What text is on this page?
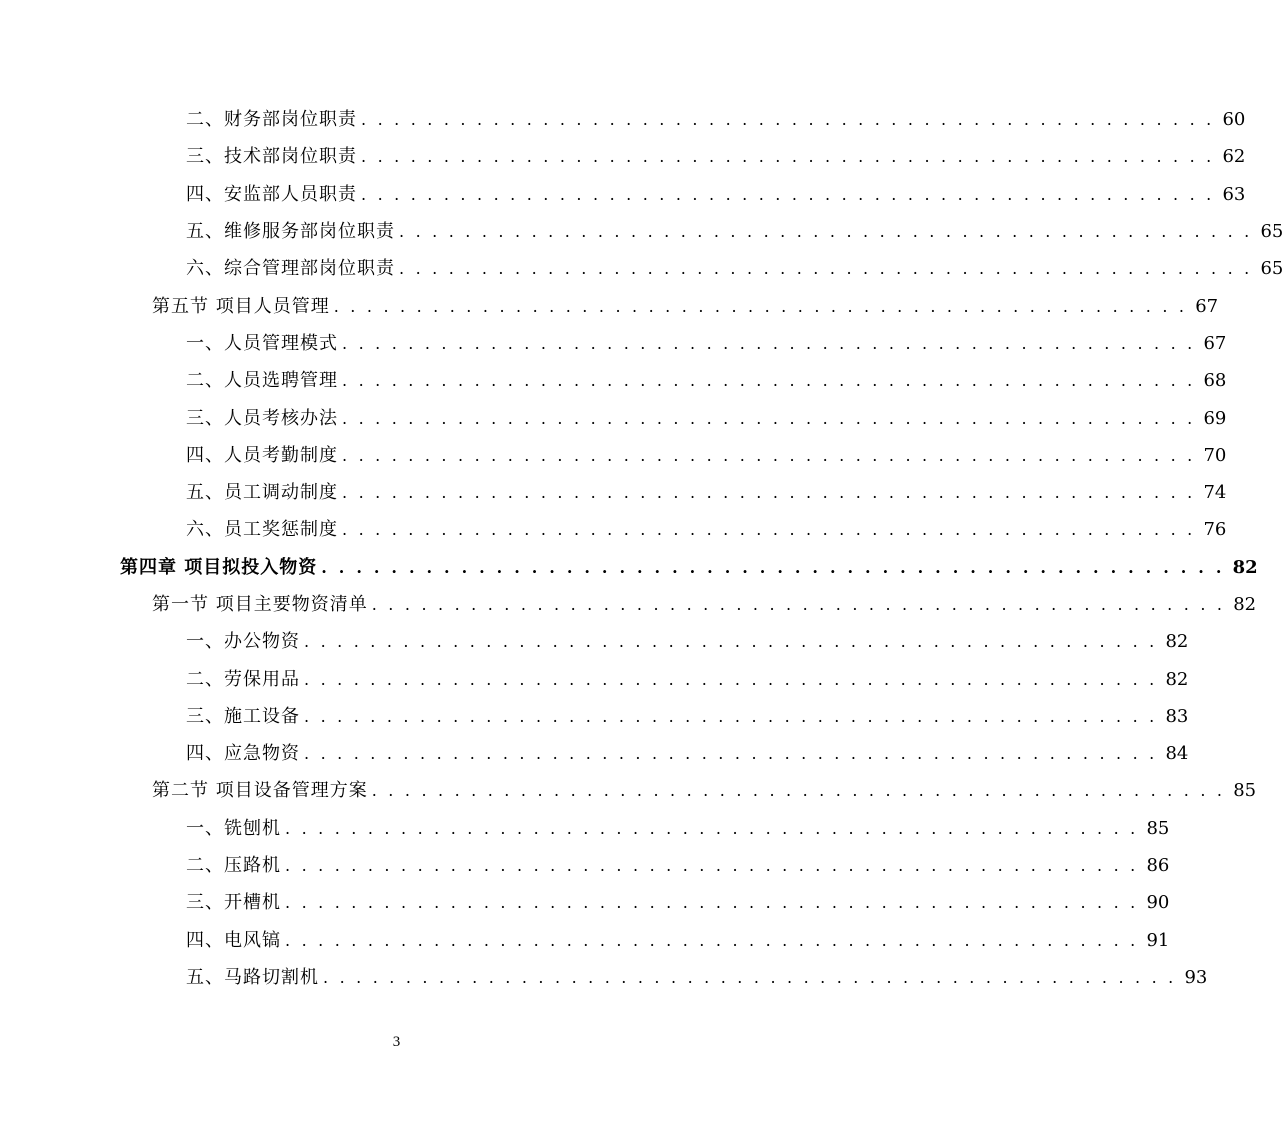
二、财务部岗位职责 . . . . . . . . . . . . . . . . . . . . . . . . . . . . . . . . . . . . . . . . . . . . . . . . . . . . 60
三、技术部岗位职责 . . . . . . . . . . . . . . . . . . . . . . . . . . . . . . . . . . . . . . . . . . . . . . . . . . . . 62
四、安监部人员职责 . . . . . . . . . . . . . . . . . . . . . . . . . . . . . . . . . . . . . . . . . . . . . . . . . . . . 63
五、维修服务部岗位职责 . . . . . . . . . . . . . . . . . . . . . . . . . . . . . . . . . . . . . . . . . . . . . . . . . . . . 65
六、综合管理部岗位职责 . . . . . . . . . . . . . . . . . . . . . . . . . . . . . . . . . . . . . . . . . . . . . . . . . . . . 65
第五节 项目人员管理 . . . . . . . . . . . . . . . . . . . . . . . . . . . . . . . . . . . . . . . . . . . . . . . . . . . . 67
一、人员管理模式 . . . . . . . . . . . . . . . . . . . . . . . . . . . . . . . . . . . . . . . . . . . . . . . . . . . . 67
二、人员选聘管理 . . . . . . . . . . . . . . . . . . . . . . . . . . . . . . . . . . . . . . . . . . . . . . . . . . . . 68
三、人员考核办法 . . . . . . . . . . . . . . . . . . . . . . . . . . . . . . . . . . . . . . . . . . . . . . . . . . . . 69
四、人员考勤制度 . . . . . . . . . . . . . . . . . . . . . . . . . . . . . . . . . . . . . . . . . . . . . . . . . . . . 70
五、员工调动制度 . . . . . . . . . . . . . . . . . . . . . . . . . . . . . . . . . . . . . . . . . . . . . . . . . . . . 74
六、员工奖惩制度 . . . . . . . . . . . . . . . . . . . . . . . . . . . . . . . . . . . . . . . . . . . . . . . . . . . . 76
第四章 项目拟投入物资 . . . . . . . . . . . . . . . . . . . . . . . . . . . . . . . . . . . . . . . . . . . . . . . . . . . . 82
第一节 项目主要物资清单 . . . . . . . . . . . . . . . . . . . . . . . . . . . . . . . . . . . . . . . . . . . . . . . . . . . . 82
一、办公物资 . . . . . . . . . . . . . . . . . . . . . . . . . . . . . . . . . . . . . . . . . . . . . . . . . . . . 82
二、劳保用品 . . . . . . . . . . . . . . . . . . . . . . . . . . . . . . . . . . . . . . . . . . . . . . . . . . . . 82
三、施工设备 . . . . . . . . . . . . . . . . . . . . . . . . . . . . . . . . . . . . . . . . . . . . . . . . . . . . 83
四、应急物资 . . . . . . . . . . . . . . . . . . . . . . . . . . . . . . . . . . . . . . . . . . . . . . . . . . . . 84
第二节 项目设备管理方案 . . . . . . . . . . . . . . . . . . . . . . . . . . . . . . . . . . . . . . . . . . . . . . . . . . . . 85
一、铣刨机 . . . . . . . . . . . . . . . . . . . . . . . . . . . . . . . . . . . . . . . . . . . . . . . . . . . . 85
二、压路机 . . . . . . . . . . . . . . . . . . . . . . . . . . . . . . . . . . . . . . . . . . . . . . . . . . . . 86
三、开槽机 . . . . . . . . . . . . . . . . . . . . . . . . . . . . . . . . . . . . . . . . . . . . . . . . . . . . 90
四、电风镐 . . . . . . . . . . . . . . . . . . . . . . . . . . . . . . . . . . . . . . . . . . . . . . . . . . . . 91
五、马路切割机 . . . . . . . . . . . . . . . . . . . . . . . . . . . . . . . . . . . . . . . . . . . . . . . . . . . . 93
3
